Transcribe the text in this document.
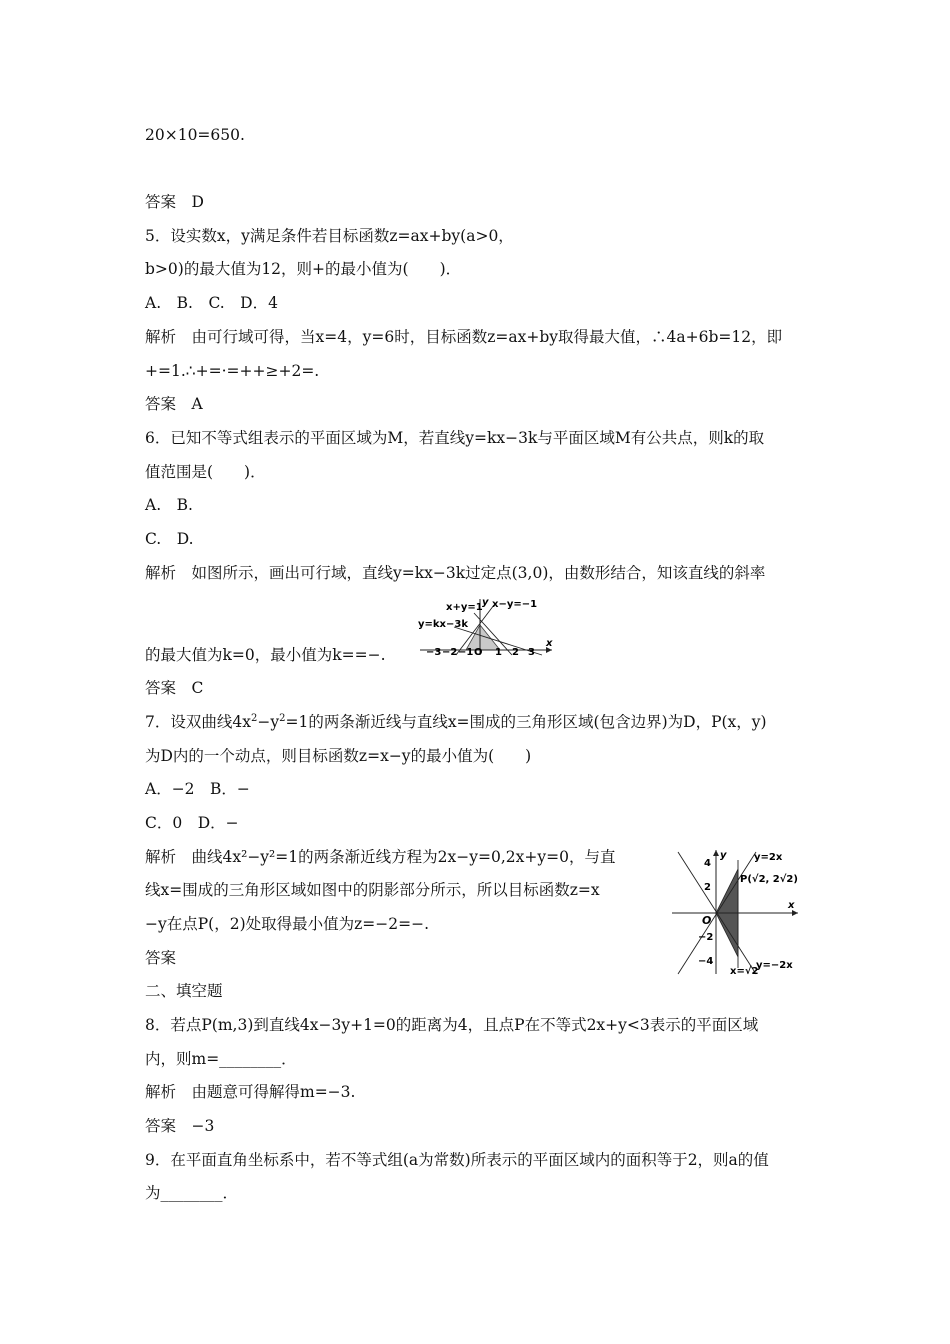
20×10=650.
答案　D
5．设实数x，y满足条件若目标函数z=ax+by(a>0，
b>0)的最大值为12，则+的最小值为(　　)．
A.　B.　C.　D．4
解析　由可行域可得，当x=4，y=6时，目标函数z=ax+by取得最大值，∴4a+6b=12，即
+=1.∴+=·=++≥+2=.
答案　A
6．已知不等式组表示的平面区域为M，若直线y=kx−3k与平面区域M有公共点，则k的取
值范围是(　　)．
A.　B.
C.　D.
解析　如图所示，画出可行域，直线y=kx−3k过定点(3,0)，由数形结合，知该直线的斜率
x+y=1 x−y=−1
y=kx−3k
y
x
−3 −2 −1 O 1 2 3
的最大值为k=0，最小值为k==−.
答案　C
7．设双曲线$4x^2-y^2=1$的两条渐近线与直线x=围成的三角形区域(包含边界)为D，P(x，y)
为D内的一个动点，则目标函数z=x−y的最小值为(　　)
A．−2　B．−
C．0　D．−
解析　曲线4x²−y²=1的两条渐近线方程为2x−y=0,2x+y=0，与直
线x=围成的三角形区域如图中的阴影部分所示，所以目标函数z=x
−y在点P(，2)处取得最小值为z=−2=−.
答案
y=2x
y=−2x
x=√2
P(√2, 2√2)
y
x
O
4
2
−2
−4
二、填空题
8．若点P(m,3)到直线4x−3y+1=0的距离为4，且点P在不等式2x+y<3表示的平面区域
内，则m=________．
解析　由题意可得解得m=−3.
答案　−3
9．在平面直角坐标系中，若不等式组(a为常数)所表示的平面区域内的面积等于2，则a的值
为________．
